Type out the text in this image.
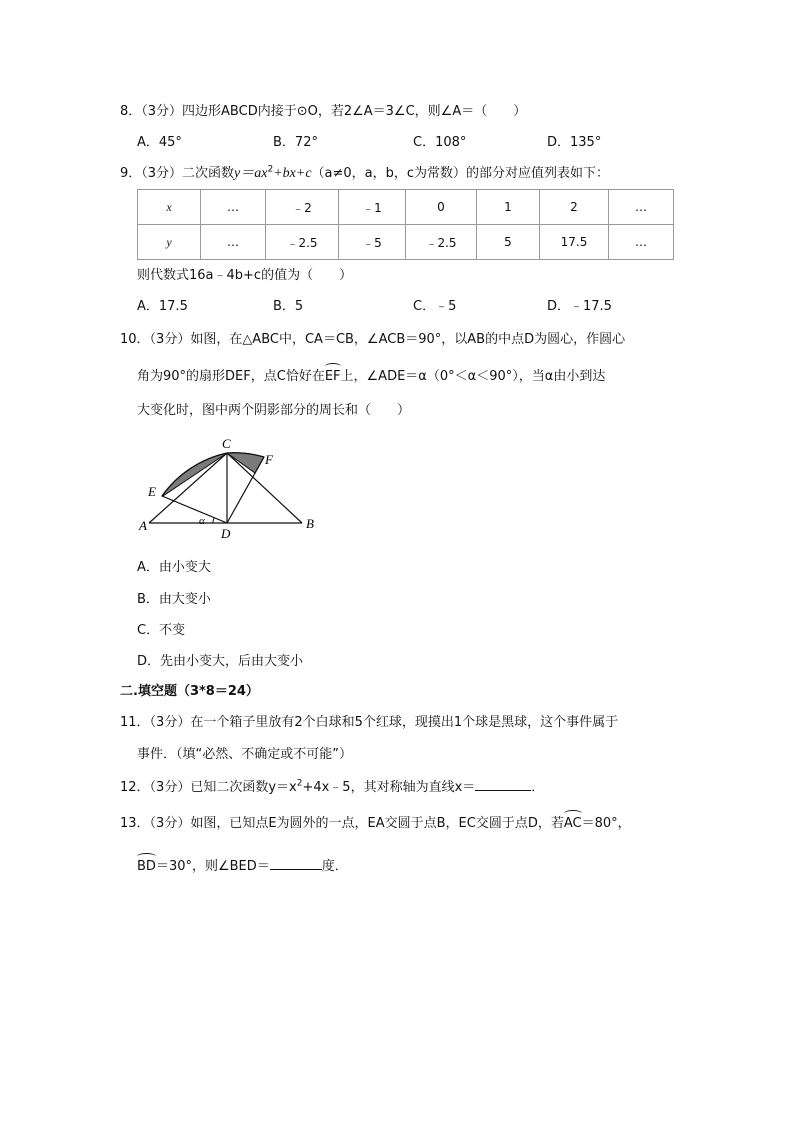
8．（3分）四边形ABCD内接于⊙O，若2∠A＝3∠C，则∠A＝（　　）
A．45°	B．72°	C．108°	D．135°
9．（3分）二次函数$y=ax^2+bx+c(a\ne 0$，a，b，c为常数）的部分对应值列表如下：
x	…	﹣2	﹣1	0	1	2	…
y	…	﹣2.5	﹣5	﹣2.5	5	17.5	…
则代数式16a﹣4b+c的值为（　　）
A．17.5	B．5	C．﹣5	D．﹣17.5
10．（3分）如图，在△ABC中，CA＝CB，∠ACB＝90°，以AB的中点D为圆心，作圆心
角为90°的扇形DEF，点C恰好在EF上，∠ADE＝α（0°＜α＜90°），当α由小到达
大变化时，图中两个阴影部分的周长和（　　）
A	B
C
D
E
F
α
A．由小变大
B．由大变小
C．不变
D．先由小变大，后由大变小
二.填空题（3*8＝24）
11．（3分）在一个箱子里放有2个白球和5个红球，现摸出1个球是黑球，这个事件属于
事件．（填“必然、不确定或不可能”）
12．（3分）已知二次函数$y=x^2+4x﹣5$，其对称轴为直线x＝	．
13．（3分）如图，已知点E为圆外的一点，EA交圆于点B，EC交圆于点D，若AC＝80°，
BD＝30°，则∠BED＝	度．
